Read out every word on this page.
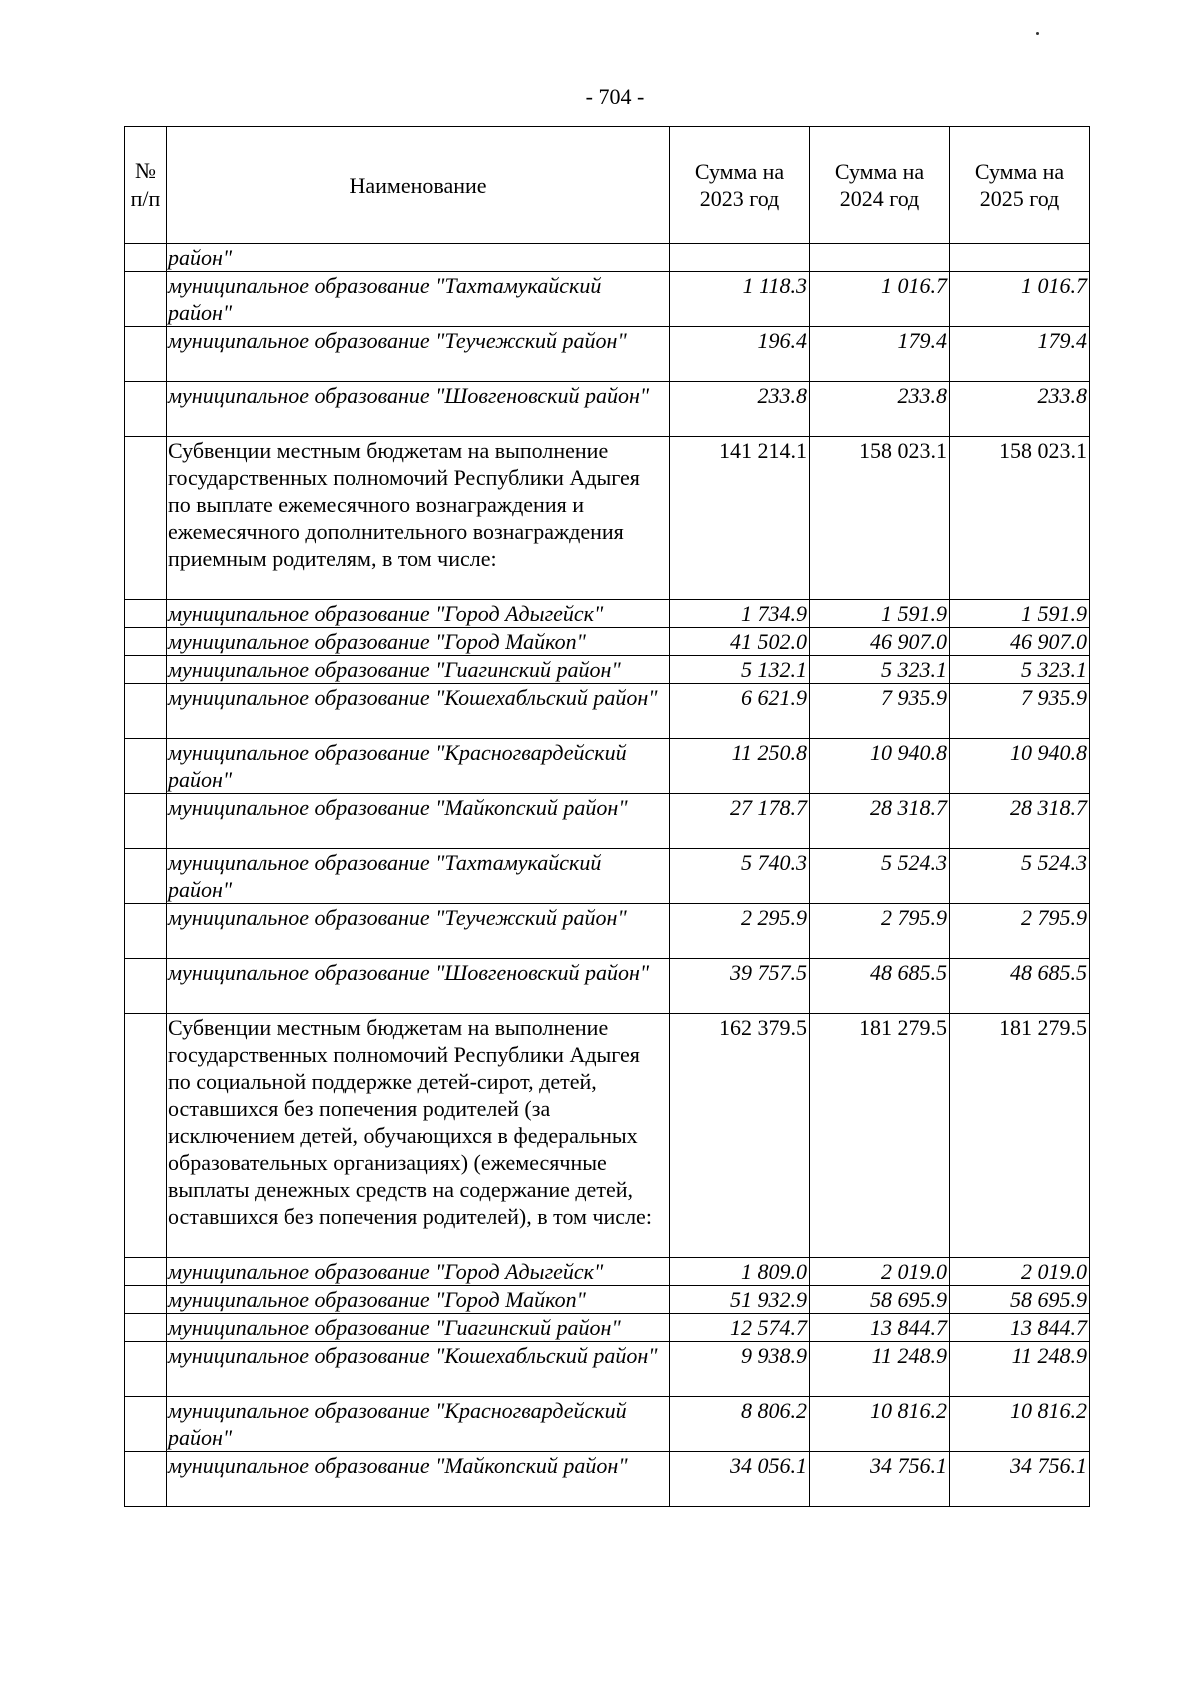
- 704 -
№ п/п	Наименование	Сумма на 2023 год	Сумма на 2024 год	Сумма на 2025 год
	район"			
	муниципальное образование "Тахтамукайский район"	1 118.3	1 016.7	1 016.7
	муниципальное образование "Теучежский район"	196.4	179.4	179.4
	муниципальное образование "Шовгеновский район"	233.8	233.8	233.8
	Субвенции местным бюджетам на выполнение государственных полномочий Республики Адыгея по выплате ежемесячного вознаграждения и ежемесячного дополнительного вознаграждения приемным родителям, в том числе:	141 214.1	158 023.1	158 023.1
	муниципальное образование "Город Адыгейск"	1 734.9	1 591.9	1 591.9
	муниципальное образование "Город Майкоп"	41 502.0	46 907.0	46 907.0
	муниципальное образование "Гиагинский район"	5 132.1	5 323.1	5 323.1
	муниципальное образование "Кошехабльский район"	6 621.9	7 935.9	7 935.9
	муниципальное образование "Красногвардейский район"	11 250.8	10 940.8	10 940.8
	муниципальное образование "Майкопский район"	27 178.7	28 318.7	28 318.7
	муниципальное образование "Тахтамукайский район"	5 740.3	5 524.3	5 524.3
	муниципальное образование "Теучежский район"	2 295.9	2 795.9	2 795.9
	муниципальное образование "Шовгеновский район"	39 757.5	48 685.5	48 685.5
	Субвенции местным бюджетам на выполнение государственных полномочий Республики Адыгея по социальной поддержке детей-сирот, детей, оставшихся без попечения родителей (за исключением детей, обучающихся в федеральных образовательных организациях) (ежемесячные выплаты денежных средств на содержание детей, оставшихся без попечения родителей), в том числе:	162 379.5	181 279.5	181 279.5
	муниципальное образование "Город Адыгейск"	1 809.0	2 019.0	2 019.0
	муниципальное образование "Город Майкоп"	51 932.9	58 695.9	58 695.9
	муниципальное образование "Гиагинский район"	12 574.7	13 844.7	13 844.7
	муниципальное образование "Кошехабльский район"	9 938.9	11 248.9	11 248.9
	муниципальное образование "Красногвардейский район"	8 806.2	10 816.2	10 816.2
	муниципальное образование "Майкопский район"	34 056.1	34 756.1	34 756.1
